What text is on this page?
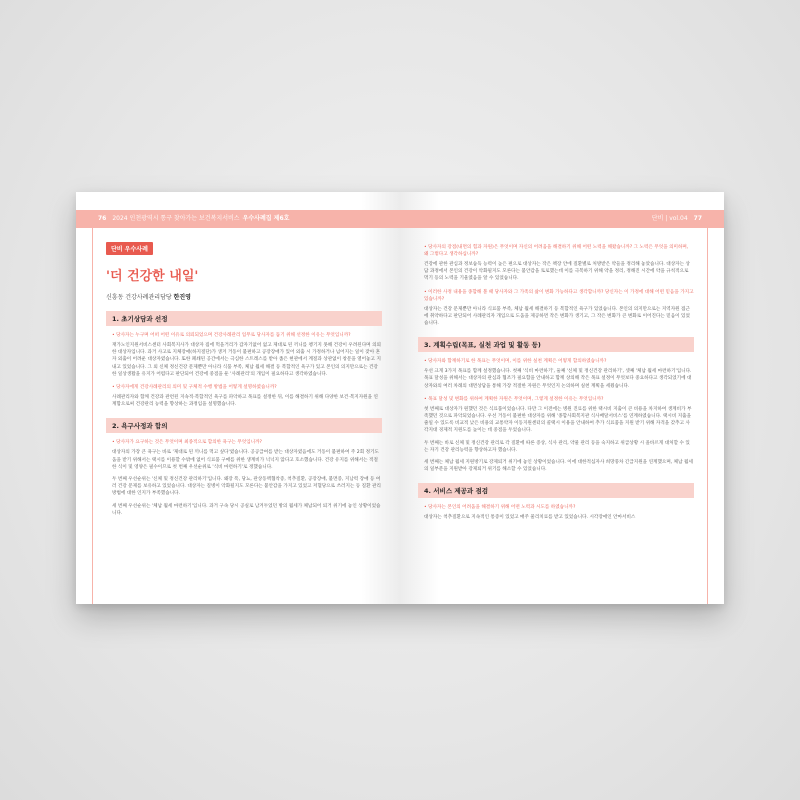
76 2024 인천광역시 통구 찾아가는 보건복지서비스 우수사례집 제6호
단비 우수사례
'더 건강한 내일'
신흥동 건강사례관리담당 한진영
1. 초기상담과 선정
• 당사자는 누구며 어떠 어떤 이유로 의뢰되었으며 건강사례관리 업무로 당사자를 돕기 위해 선정한 이유는 무엇입니까?
재가노인지원서비스센터 사회복지사가 대상자 집에 먹을거리가 갑자기없어 없고 제대로 된 끼니를 챙기지 못해 건강이 우려된다며 의뢰한 대상자입니다. 과거 사고로 지체장애(하지절단)가 생겨 거동이 불편하고 공장장애가 있어 외출 시 가정하거나 넘어지는 일이 잦아 혼자 외출이 어려운 대상자였습니다. 또한 폐쇄된 공간에서는 극심한 스트레스를 받아 좁은 현관에서 계절과 상관없이 창문을 열어놓고 지내고 있었습니다. 그 외 신체 정신건강 문제뿐만 아니라 식품 부족, 체납 월세 해결 등 복합적인 욕구가 있고 본인의 의지만으로는 건강한 일상생활을 유지가 어렵다고 판단되어 건강에 중점을 둔 '사례관리'의 개입이 필요하다고 생각하였습니다.
• 당사자에게 건강사례관리의 의미 및 구체적 수행 방법을 어떻게 설명하였습니까?
사례관리자와 함께 건강과 관련된 지속적·복합적인 욕구를 파악하고 목표를 설정한 뒤, 이를 해결하기 위해 다양한 보건·복지자원을 연계함으로써 건강관리 능력을 향상하는 과정임을 설명했습니다.
2. 욕구사정과 합의
• 당사자가 요구하는 것은 무엇이며 최종적으로 합의한 욕구는 무엇입니까?
대상자의 가장 큰 욕구는 바로 '제대로 된 끼니를 먹고 싶다'였습니다. 공공급여를 받는 대상자였음에도 거동이 불편하여 주 2회 정기도움을 받기 위해서는 택시를 이용할 수밖에 없어 식료품 구매를 위한 생계비가 넉넉지 않다고 호소했습니다. 건강 유지를 위해서는 적절한 식이 및 영양은 필수이므로 첫 번째 우선순위로 '식비 마련하기'로 정했습니다.
두 번째 우선순위는 '신체 및 정신건강 관리하기'입니다. 왜장 폭, 당뇨, 관상동맥협착증, 척추질환, 공장장애, 불면증, 지남력 장애 등 여러 건강 문제를 보유하고 있었습니다. 대상자는 질병이 악화될지도 모른다는 불안감을 가지고 있었고 저혈당으로 쓰러지는 등 질환 관리 방법에 대한 인지가 부족했습니다.
세 번째 우선순위는 '체납 월세 마련하기'입니다. 과거 구속 당시 공실로 남겨두었던 방의 월세가 체납되어 퇴거 위기에 놓인 상황이었습니다.
단비 | vol.04 77
• 당사자의 강점(내면의 힘과 자원)은 무엇이며 자신의 어려움을 해결하기 위해 어떤 노력을 해왔습니까? 그 노력은 무엇을 의미하며, 왜 그렇다고 생각하십니까?
건강에 관한 관심과 정보습득 능력이 높은 편으로 대상자는 작은 책장 안에 질환별로 처방받은 약들을 정리해 놓았습니다. 대상자는 상담 과정에서 본인의 건강이 악화될지도 모른다는 불안감을 토로했는데 이를 극복하기 위해 약을 정리, 정해진 시간에 약을 규칙적으로 먹기 등의 노력을 기울였음을 알 수 있었습니다.
• 이러한 사정 내용을 종합해 볼 때 당사자와 그 가족의 삶이 변화 가능하다고 생각합니까? 당신자는 이 가정에 대해 어떤 믿음을 가지고 있습니까?
대상자는 건강 문제뿐만 아니라 식료품 부족, 체납 월세 해결하기 등 복합적인 욕구가 있었습니다. 본인의 의지만으로는 지역자원 접근에 취약하다고 판단되어 사례관리자 개입으로 도움을 제공하면 작은 변화가 생기고, 그 작은 변화가 큰 변화로 이어진다는 믿음이 있었습니다.
3. 계획수립(목표, 실천 과업 및 활동 등)
• 당사자와 함께하기로 한 목표는 무엇이며, 이를 위한 실천 계획은 어떻게 합의하였습니까?
우선 크게 3가지 목표를 함께 설정했습니다. 첫째 '식비 마련하기', 둘째 '신체 및 정신건강 관리하기', 셋째 '체납 월세 마련하기'입니다. 목표 달성을 위해서는 대상자의 관심과 협조가 필요함을 안내하고 함께 상의해 작은 목표 설정이 무엇보다 중요하다고 생각되었기에 대상자와의 여러 차례의 대면상담을 통해 가장 적절한 자원은 무엇인지 논의하며 실천 계획을 세웠습니다.
• 목표 달성 및 변화를 위하여 계획한 자원은 무엇이며, 그렇게 설정한 이유는 무엇입니까?
첫 번째로 대상자가 원했던 것은 식료품이었습니다. 다만 그 이전에는 병원 진료를 위한 택시비 지출이 큰 비용을 차지하여 생계비가 부족했던 것으로 파악되었습니다. 우선 거동이 불편한 대상자를 위해 '종합사회복지관 식사배달서비스'를 연계하였습니다. 택시비 지출을 줄일 수 있도록 비교적 낮은 비용의 교통약자 이동지원센터의 콜택시 이용을 안내하여 추가 식료품을 지원 받기 위해 자격을 갖추고 사각지대 경제적 지원도를 높이는 데 중점을 두었습니다.
두 번째는 바로 신체 및 정신건강 관리로 각 질환에 따른 증상, 식사 관리, 약물 관리 등을 숙지하고 위급상황 시 올바르게 대처할 수 있는 자기 건강 관리능력을 향상하고자 했습니다.
세 번째는 체납 월세 지원방기로 강제퇴거 위기에 놓인 상황이었습니다. 이에 대한적십자사 희망풍차 긴급지원을 연계했으며, 체납 월세의 일부분을 지원받아 강제퇴거 위기를 해소할 수 있었습니다.
4. 서비스 제공과 점검
• 당사자는 본인의 어려움을 해결하기 위해 어떤 노력과 시도를 하였습니까?
대상자는 척추질환으로 지속적인 통증이 있었고 매주 물리치료를 받고 있었습니다. 시각장애인 안마서비스
